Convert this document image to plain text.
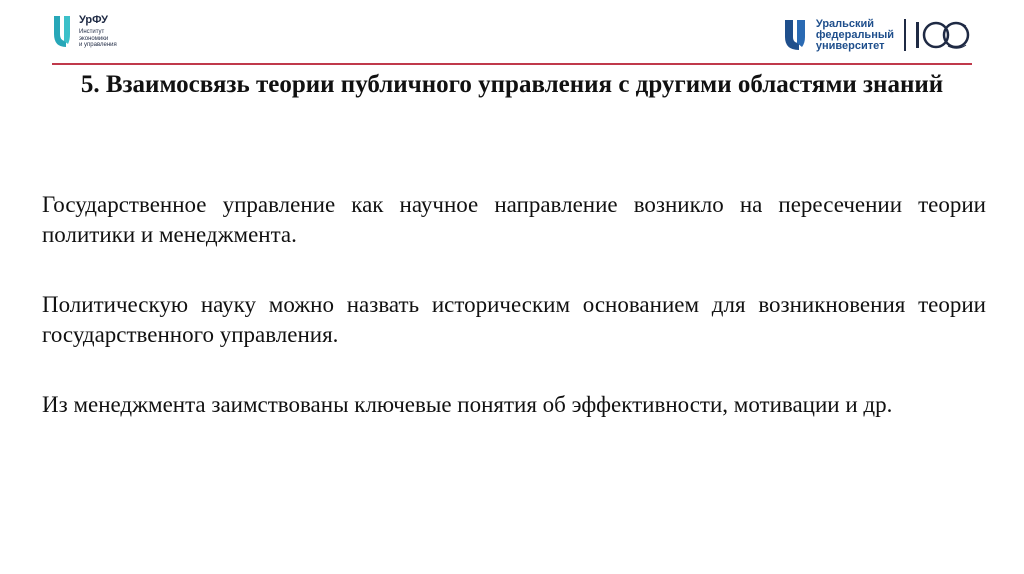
УрФУ
Институт
экономики
и управления
Уральский
федеральный
университет
5. Взаимосвязь теории публичного управления с другими областями знаний

Государственное управление как научное направление возникло на пересечении теории политики и менеджмента.

Политическую науку можно назвать историческим основанием для возникновения теории государственного управления.

Из менеджмента заимствованы ключевые понятия об эффективности, мотивации и др.
